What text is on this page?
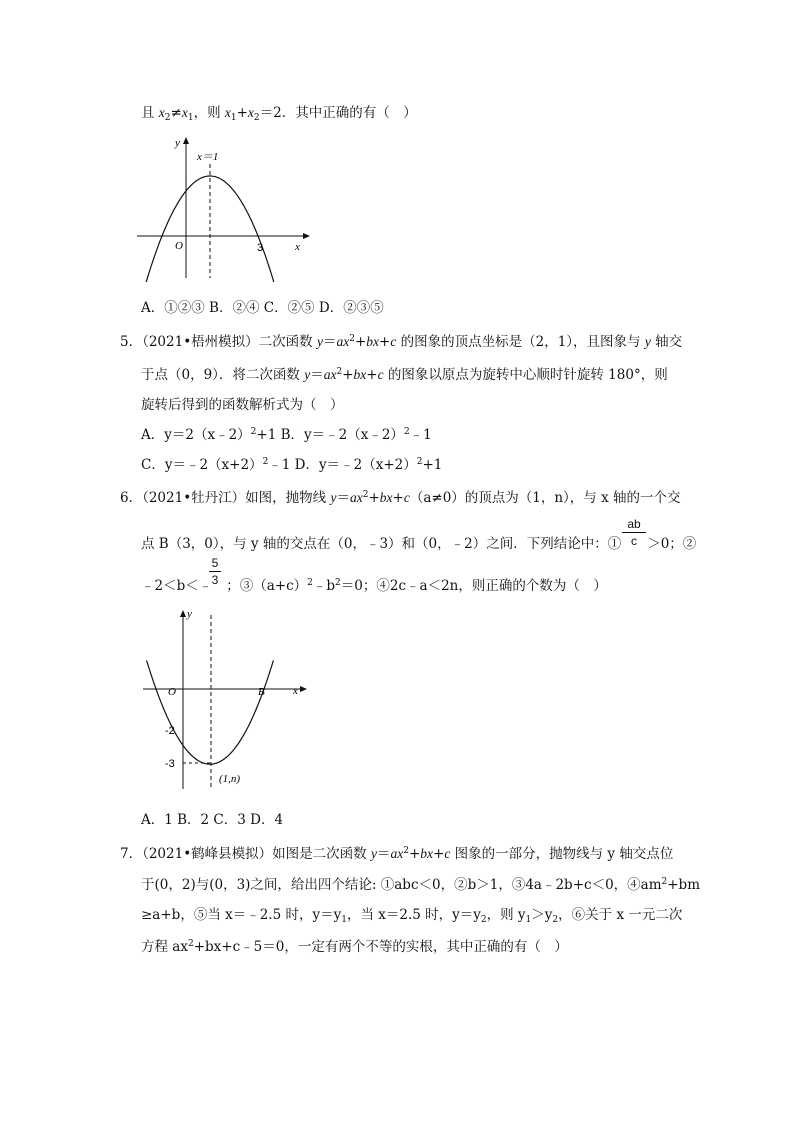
且 $x_2\ne x_1$，则 $x_1+x_2=2$．其中正确的有（　）
y
x
O
x＝1
3
A．①②③ B．②④ C．②⑤ D．②③⑤
5．（2021•梧州模拟）二次函数 $y=ax^2+bx+c$ 的图象的顶点坐标是（2，1），且图象与 y 轴交
于点（0，9）．将二次函数 $y=ax^2+bx+c$ 的图象以原点为旋转中心顺时针旋转 180°，则
旋转后得到的函数解析式为（　）
A．y＝2（x﹣2）$^2$+1 B．y＝﹣2（x﹣2）$^2$﹣1
C．$y=﹣2(x+2)^2﹣1$ D．$y=﹣2(x+2)^2+1$
6．（2021•牡丹江）如图，抛物线 $y=ax^2+bx+c(a\ne 0)$的顶点为（1，n），与 x 轴的一个交
点 B（3，0），与 y 轴的交点在（0，﹣3）和（0，﹣2）之间．下列结论中：① ＞0；②
ab
c
﹣2＜b＜﹣ ；$③(a+c)^2﹣b^2=0$；④2c﹣a＜2n，则正确的个数为（　）
5
3
y
x
O	B
-2
-3
(1,n)
A．1 B．2 C．3 D．4
7．（2021•鹤峰县模拟）如图是二次函数 $y=ax^2+bx+c$ 图象的一部分，抛物线与 y 轴交点位
于(0，2)与(0，3)之间，给出四个结论: ①abc＜0，②b＞1，③4a﹣2b+c＜0，$④am^2+bm$
≥a+b，⑤当 x＝﹣2.5 时，$y=y_1$，当 x＝2.5 时，$y=y_2$，则 $y_1>y_2$，⑥关于 x 一元二次
方程 $ax^2+bx+c﹣5=0$，一定有两个不等的实根，其中正确的有（　）
